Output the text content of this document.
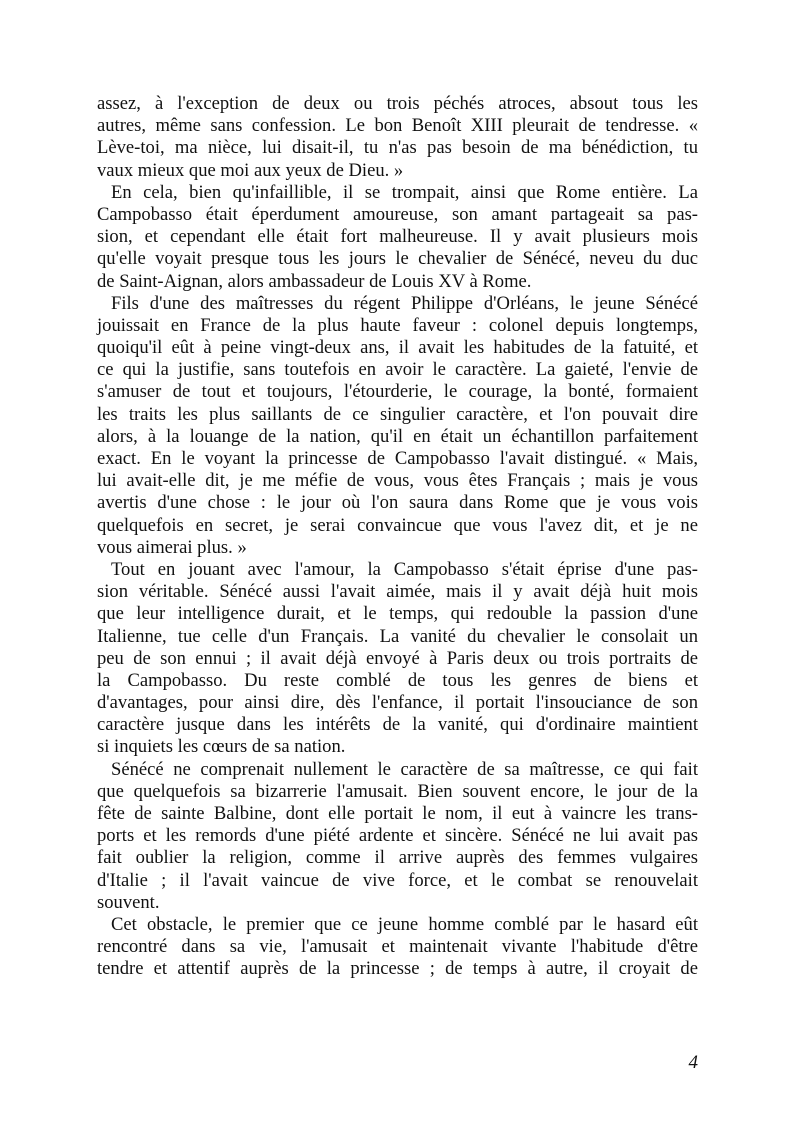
assez, à l'exception de deux ou trois péchés atroces, absout tous les
autres, même sans confession. Le bon Benoît XIII pleurait de tendresse. «
Lève-toi, ma nièce, lui disait-il, tu n'as pas besoin de ma bénédiction, tu
vaux mieux que moi aux yeux de Dieu. »
En cela, bien qu'infaillible, il se trompait, ainsi que Rome entière. La
Campobasso était éperdument amoureuse, son amant partageait sa pas-
sion, et cependant elle était fort malheureuse. Il y avait plusieurs mois
qu'elle voyait presque tous les jours le chevalier de Sénécé, neveu du duc
de Saint-Aignan, alors ambassadeur de Louis XV à Rome.
Fils d'une des maîtresses du régent Philippe d'Orléans, le jeune Sénécé
jouissait en France de la plus haute faveur : colonel depuis longtemps,
quoiqu'il eût à peine vingt-deux ans, il avait les habitudes de la fatuité, et
ce qui la justifie, sans toutefois en avoir le caractère. La gaieté, l'envie de
s'amuser de tout et toujours, l'étourderie, le courage, la bonté, formaient
les traits les plus saillants de ce singulier caractère, et l'on pouvait dire
alors, à la louange de la nation, qu'il en était un échantillon parfaitement
exact. En le voyant la princesse de Campobasso l'avait distingué. « Mais,
lui avait-elle dit, je me méfie de vous, vous êtes Français ; mais je vous
avertis d'une chose : le jour où l'on saura dans Rome que je vous vois
quelquefois en secret, je serai convaincue que vous l'avez dit, et je ne
vous aimerai plus. »
Tout en jouant avec l'amour, la Campobasso s'était éprise d'une pas-
sion véritable. Sénécé aussi l'avait aimée, mais il y avait déjà huit mois
que leur intelligence durait, et le temps, qui redouble la passion d'une
Italienne, tue celle d'un Français. La vanité du chevalier le consolait un
peu de son ennui ; il avait déjà envoyé à Paris deux ou trois portraits de
la Campobasso. Du reste comblé de tous les genres de biens et
d'avantages, pour ainsi dire, dès l'enfance, il portait l'insouciance de son
caractère jusque dans les intérêts de la vanité, qui d'ordinaire maintient
si inquiets les cœurs de sa nation.
Sénécé ne comprenait nullement le caractère de sa maîtresse, ce qui fait
que quelquefois sa bizarrerie l'amusait. Bien souvent encore, le jour de la
fête de sainte Balbine, dont elle portait le nom, il eut à vaincre les trans-
ports et les remords d'une piété ardente et sincère. Sénécé ne lui avait pas
fait oublier la religion, comme il arrive auprès des femmes vulgaires
d'Italie ; il l'avait vaincue de vive force, et le combat se renouvelait
souvent.
Cet obstacle, le premier que ce jeune homme comblé par le hasard eût
rencontré dans sa vie, l'amusait et maintenait vivante l'habitude d'être
tendre et attentif auprès de la princesse ; de temps à autre, il croyait de
4
